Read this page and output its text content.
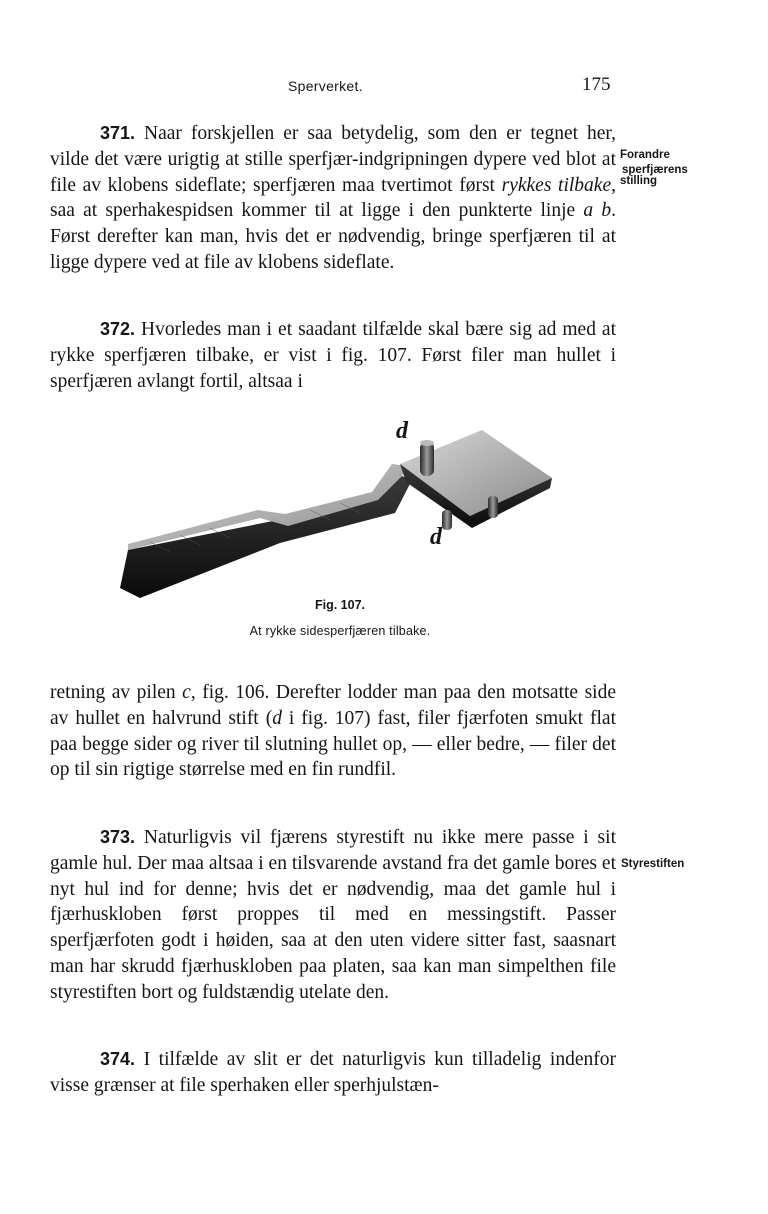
Sperverket.	175

371. Naar forskjellen er saa betydelig, som den er tegnet her, vilde det være urigtig at stille sperfjær-indgripningen dypere ved blot at file av klobens sideflate; sperfjæren maa tvertimot først rykkes tilbake, saa at sperhakespidsen kommer til at ligge i den punkterte linje a b. Først derefter kan man, hvis det er nødvendig, bringe sperfjæren til at ligge dypere ved at file av klobens sideflate.

Forandre
sperfjærens
stilling

372. Hvorledes man i et saadant tilfælde skal bære sig ad med at rykke sperfjæren tilbake, er vist i fig. 107. Først filer man hullet i sperfjæren avlangt fortil, altsaa i

d
d
Fig. 107.
At rykke sidesperfjæren tilbake.

retning av pilen c, fig. 106. Derefter lodder man paa den motsatte side av hullet en halvrund stift (d i fig. 107) fast, filer fjærfoten smukt flat paa begge sider og river til slutning hullet op, — eller bedre, — filer det op til sin rigtige størrelse med en fin rundfil.

373. Naturligvis vil fjærens styrestift nu ikke mere passe i sit gamle hul. Der maa altsaa i en tilsvarende avstand fra det gamle bores et nyt hul ind for denne; hvis det er nødvendig, maa det gamle hul i fjærhuskloben først proppes til med en messingstift. Passer sperfjærfoten godt i høiden, saa at den uten videre sitter fast, saasnart man har skrudd fjærhuskloben paa platen, saa kan man simpelthen file styrestiften bort og fuldstændig utelate den.

Styrestiften

374. I tilfælde av slit er det naturligvis kun tilladelig indenfor visse grænser at file sperhaken eller sperhjulstæn-
